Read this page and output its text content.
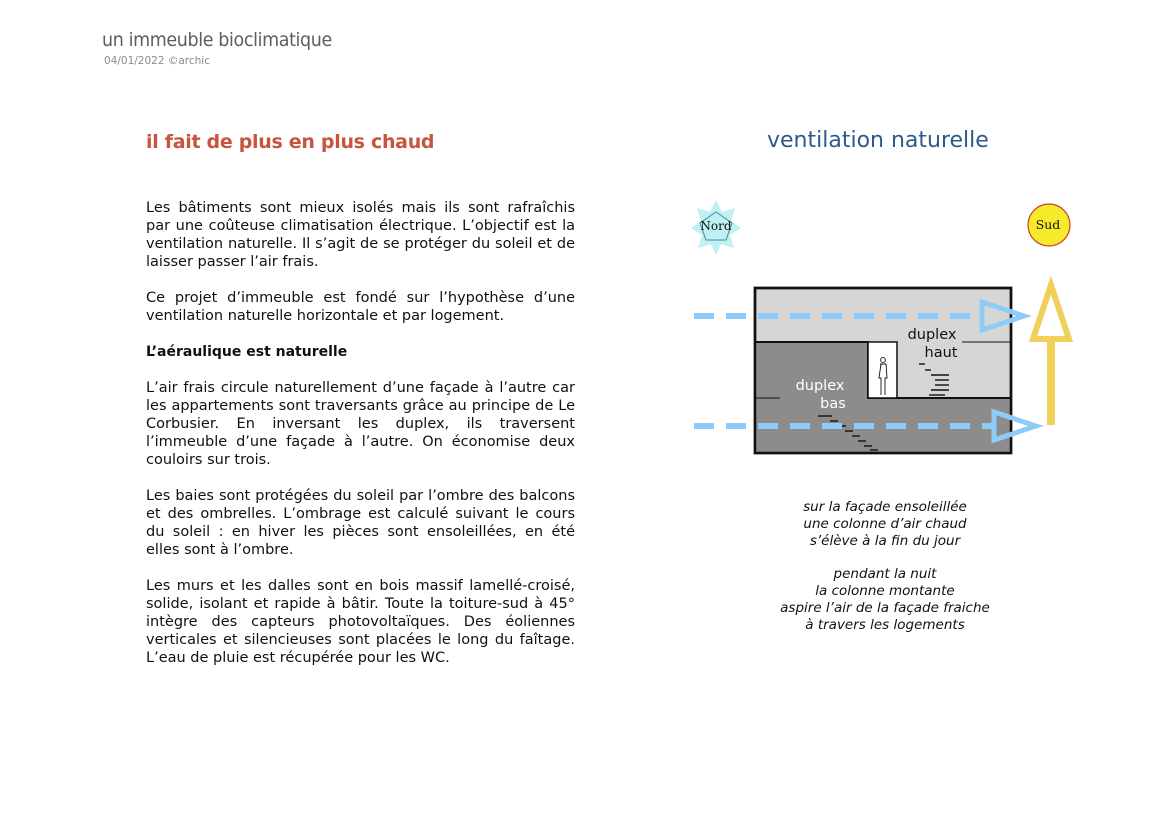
un immeuble bioclimatique
04/01/2022 ©archic
il fait de plus en plus chaud

Les bâtiments sont mieux isolés mais ils sont rafraîchis par une coûteuse climatisation électrique. L’objectif est la ventilation naturelle. Il s’agit de se protéger du soleil et de laisser passer l’air frais.

Ce projet d’immeuble est fondé sur l’hypothèse d’une ventilation naturelle horizontale et par logement.

L’aéraulique est naturelle

L’air frais circule naturellement d’une façade à l’autre car les appartements sont traversants grâce au principe de Le Corbusier. En inversant les duplex, ils traversent l’immeuble d’une façade à l’autre. On économise deux couloirs sur trois.

Les baies sont protégées du soleil par l’ombre des balcons et des ombrelles. L’ombrage est calculé suivant le cours du soleil : en hiver les pièces sont ensoleillées, en été elles sont à l’ombre.

Les murs et les dalles sont en bois massif lamellé-croisé, solide, isolant et rapide à bâtir. Toute la toiture-sud à 45° intègre des capteurs photovoltaïques. Des éoliennes verticales et silencieuses sont placées le long du faîtage. L’eau de pluie est récupérée pour les WC.

ventilation naturelle
Nord	Sud
duplex
haut
duplex
bas

sur la façade ensoleillée
une colonne d’air chaud
s’élève à la fin du jour

pendant la nuit
la colonne montante
aspire l’air de la façade fraiche
à travers les logements
